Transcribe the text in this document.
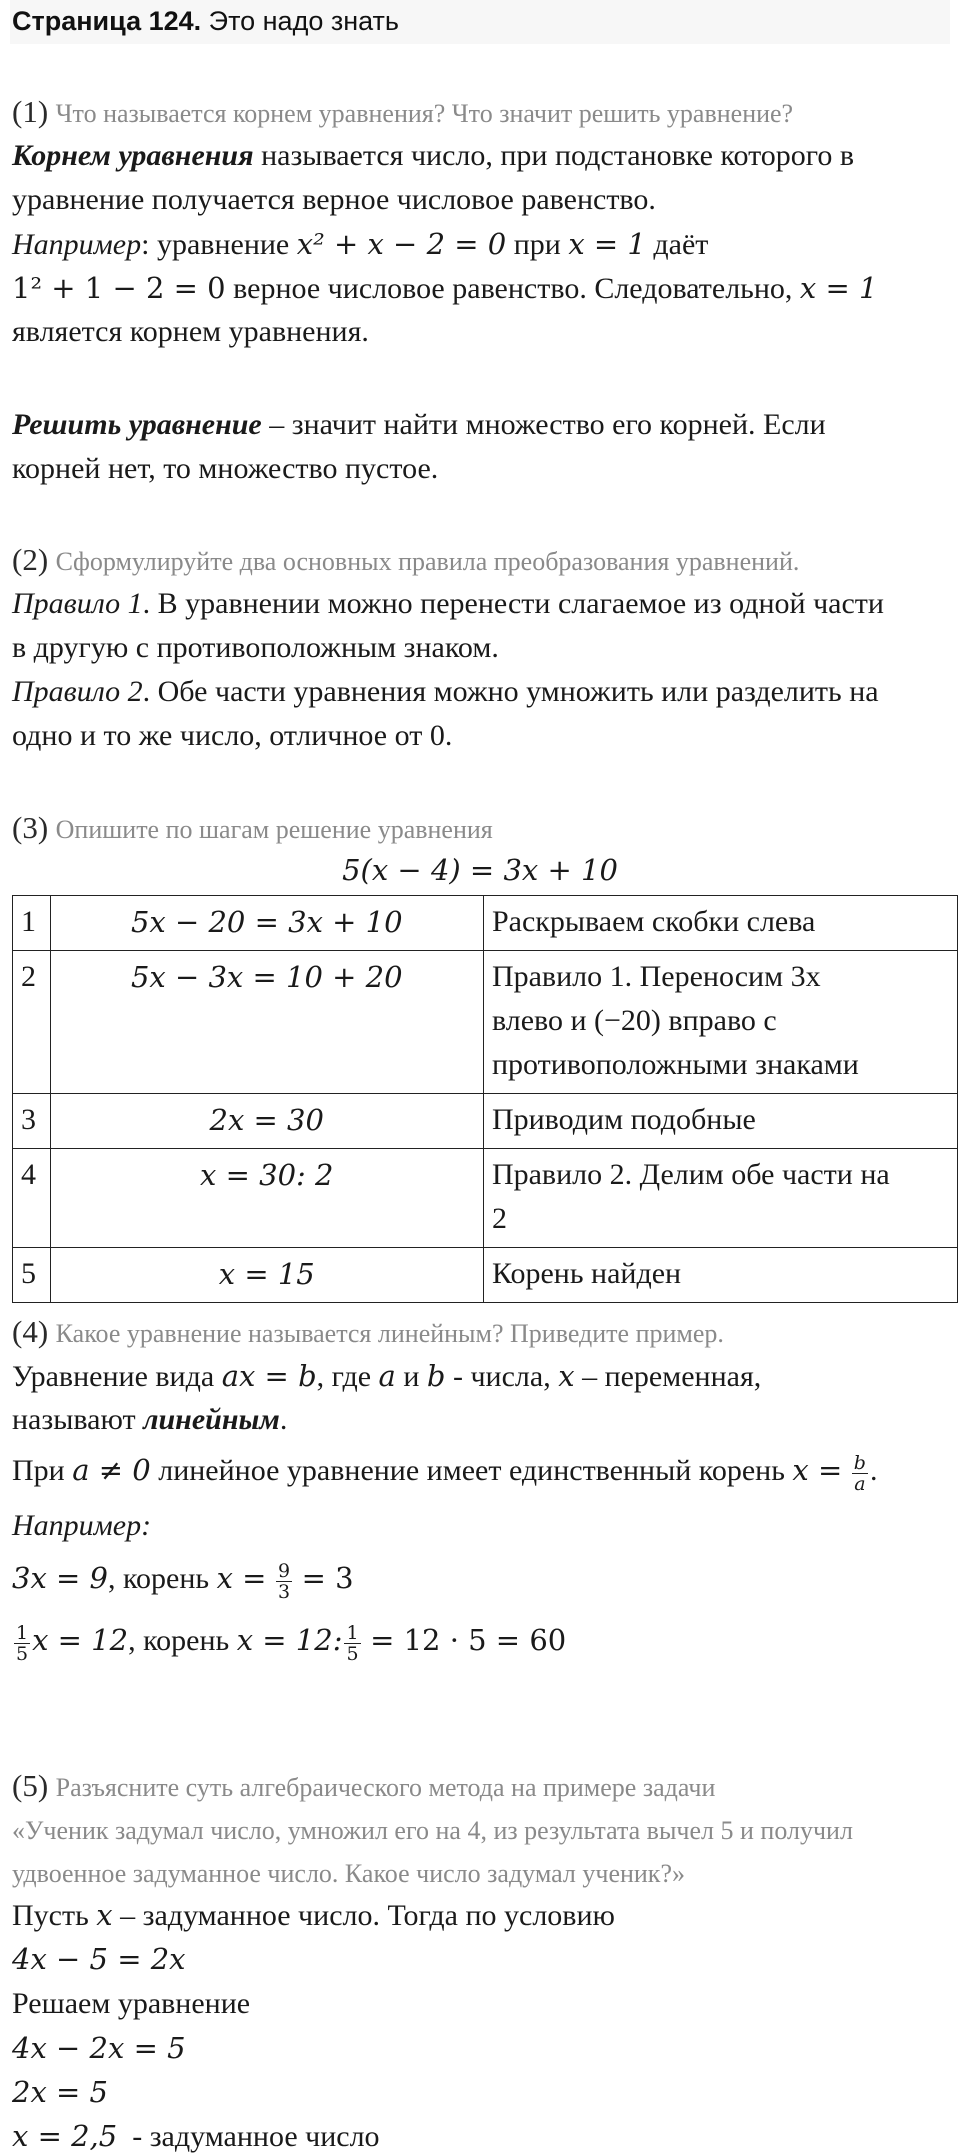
Страница 124. Это надо знать
(1) Что называется корнем уравнения? Что значит решить уравнение?
Корнем уравнения называется число, при подстановке которого в
уравнение получается верное числовое равенство.
Например: уравнение x² + x − 2 = 0 при x = 1 даёт
1² + 1 − 2 = 0 верное числовое равенство. Следовательно, x = 1
является корнем уравнения.
Решить уравнение – значит найти множество его корней. Если
корней нет, то множество пустое.
(2) Сформулируйте два основных правила преобразования уравнений.
Правило 1. В уравнении можно перенести слагаемое из одной части
в другую с противоположным знаком.
Правило 2. Обе части уравнения можно умножить или разделить на
одно и то же число, отличное от 0.
(3) Опишите по шагам решение уравнения
5(x − 4) = 3x + 10
1	5x − 20 = 3x + 10	Раскрываем скобки слева

2	5x − 3x = 10 + 20	Правило 1. Переносим 3x
влево и (−20) вправо с
противоположными знаками

3	2x = 30	Приводим подобные

4	x = 30: 2	Правило 2. Делим обе части на
2

5	x = 15	Корень найден
(4) Какое уравнение называется линейным? Приведите пример.
Уравнение вида ax = b, где a и b - числа, x – переменная,
называют линейным.
При a ≠ 0 линейное уравнение имеет единственный корень $x = \frac{b}{a}$ .
Например:
3x = 9, корень $x = \frac{9}{3} = 3$
$\frac{1}{5}$ x = 12, корень x = 12: $\frac{1}{5} = 12 \cdot 5 = 60$
(5) Разъясните суть алгебраического метода на примере задачи
«Ученик задумал число, умножил его на 4, из результата вычел 5 и получил
удвоенное задуманное число. Какое число задумал ученик?»
Пусть x – задуманное число. Тогда по условию
4x − 5 = 2x
Решаем уравнение
4x − 2x = 5
2x = 5
x = 2,5  - задуманное число
